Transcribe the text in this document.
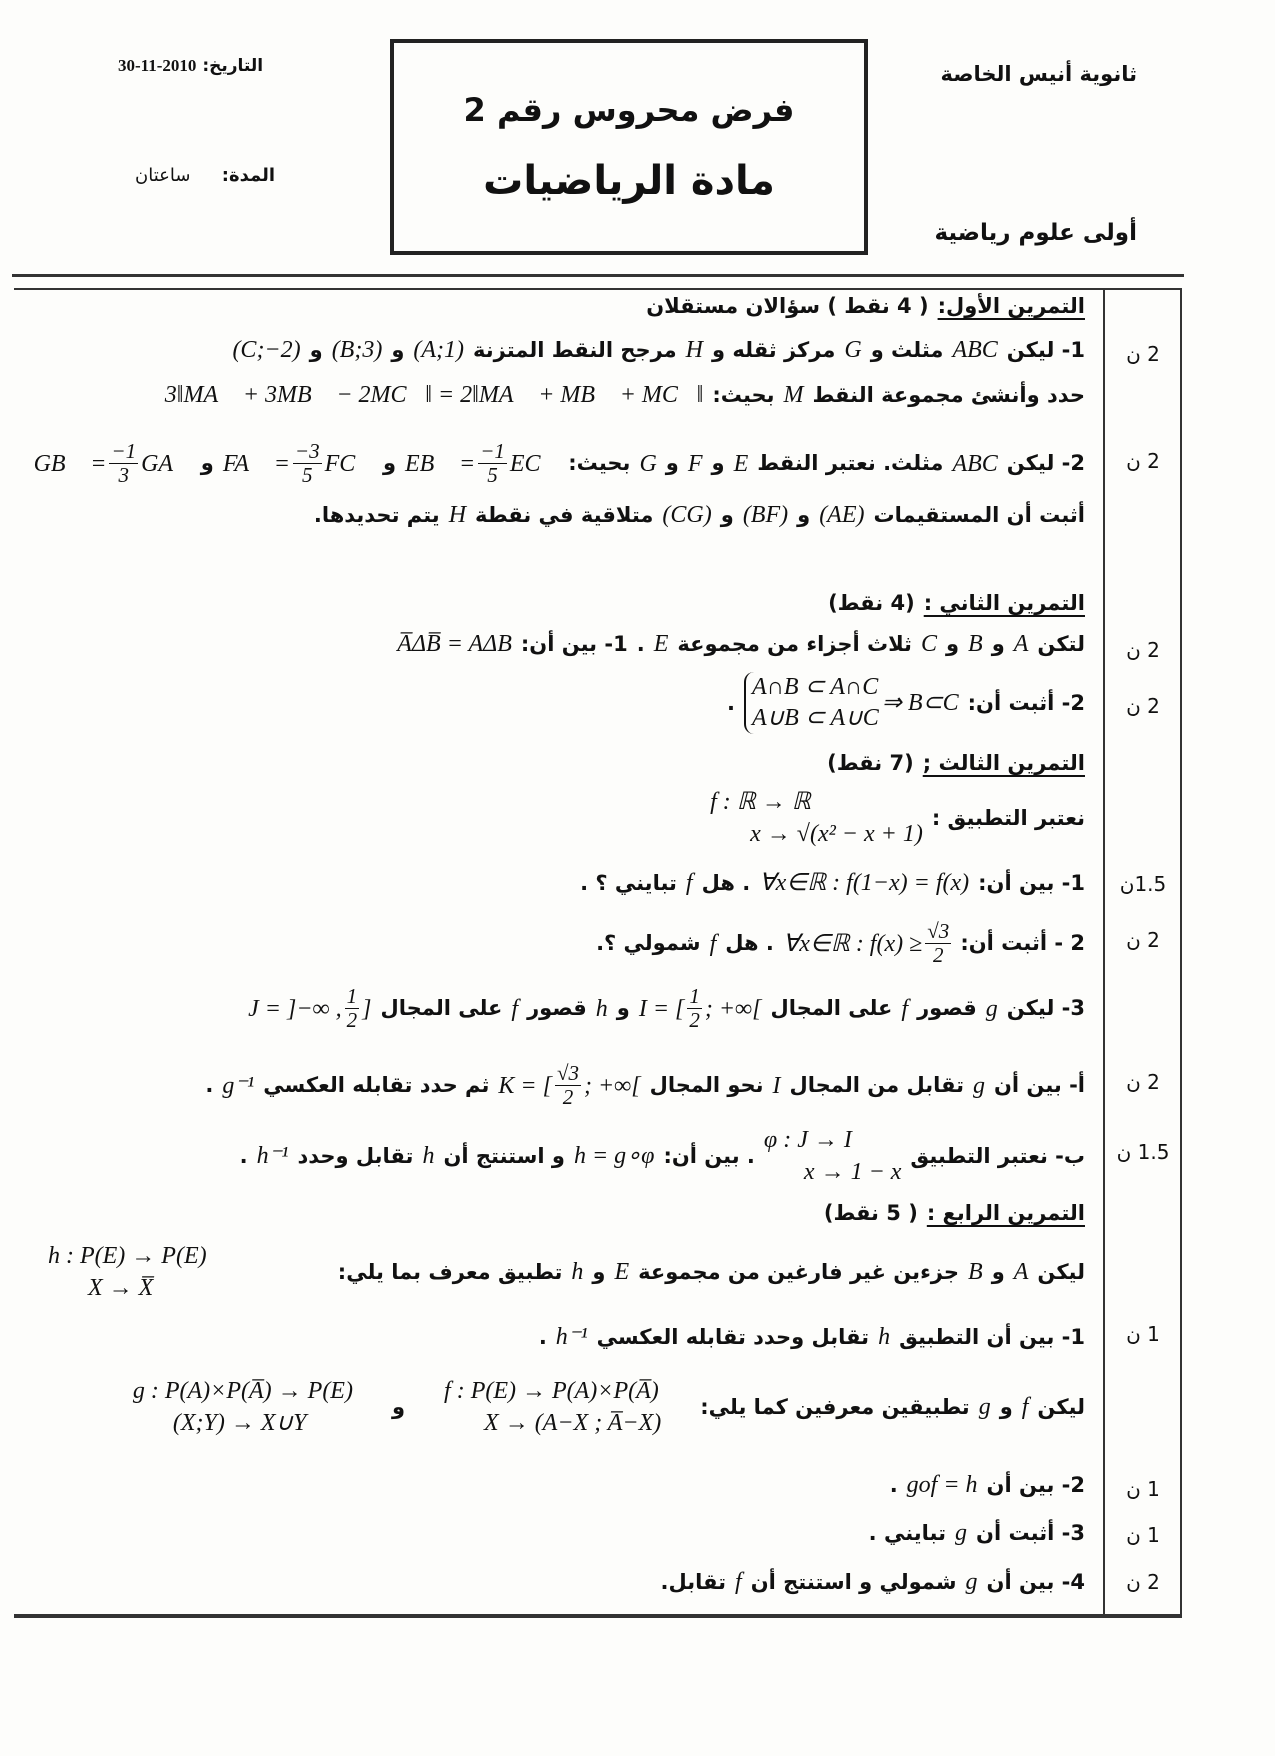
ثانوية أنيس الخاصة
أولى علوم رياضية
التاريخ: 2010-11-30
المدة:     ساعتان
فرض محروس رقم 2
مادة الرياضيات
التمرين الأول:
( 4 نقط ) سؤالان مستقلان
1- ليكن
ABC
مثلث و
G
مركز ثقله و
H
مرجح النقط المتزنة
(A;1)
و
(B;3)
و
(C;−2)
حدد وأنشئ مجموعة النقط
M
بحيث:
3‖MA⃗ + 3MB⃗ − 2MC⃗‖ = 2‖MA⃗ + MB⃗ + MC⃗‖
2- ليكن
ABC
مثلث. نعتبر النقط
E
و
F
و
G
بحيث:
EB⃗ = $\frac{-1}{5}$ EC⃗
و
FA⃗ = $\frac{-3}{5}$ FC⃗
و
GB⃗ = $\frac{-1}{3}$ GA⃗
أثبت أن المستقيمات
(AE)
و
(BF)
و
(CG)
متلاقية في نقطة
H
يتم تحديدها.
التمرين الثاني :
(4 نقط)
لتكن
A
و
B
و
C
ثلاث أجزاء من مجموعة
E
.
1- بين أن:
A̅ΔB̅ = AΔB
2- أثبت أن:
A∩B ⊂ A∩C
A∪B ⊂ A∪C
⇒ B⊂C
.
التمرين الثالث ;
(7 نقط)
نعتبر التطبيق :
f : ℝ → ℝ
x → √(x² − x + 1)
1- بين أن:
∀x∈ℝ : f(1−x) = f(x)
. هل
f
تبايني ؟ .
2 - أثبت أن:
∀x∈ℝ : $f(x) \ge \frac{√3}{2}$
. هل
f
شمولي ؟.
3- ليكن
g
قصور
f
على المجال
I = [ $\frac{1}{2}$ ; +∞[
و
h
قصور
f
على المجال
J = ]−∞ , $\frac{1}{2}$ ]
أ- بين أن
g
تقابل من المجال
I
نحو المجال
K = [ $\frac{√3}{2}$ ; +∞[
ثم حدد تقابله العكسي
g⁻¹
.
ب- نعتبر التطبيق
φ : J → I
x → 1 − x
. بين أن:
h = g∘φ
و استنتج أن
h
تقابل وحدد
h⁻¹
.
التمرين الرابع :
( 5 نقط)
ليكن
A
و
B
جزءين غير فارغين من مجموعة
E
و
h
تطبيق معرف بما يلي:
h : P(E) → P(E)
X → X̅
1- بين أن التطبيق
h
تقابل وحدد تقابله العكسي
h⁻¹
.
ليكن
f
و
g
تطبيقين معرفين كما يلي:
f : P(E) → P(A)×P(A̅)
X → (A−X ; A̅−X)
و
g : P(A)×P(A̅) → P(E)
(X;Y) → X∪Y
2- بين أن
gof = h
.
3- أثبت أن
g
تبايني .
4- بين أن
g
شمولي و استنتج أن
f
تقابل.
2 ن
2 ن
2 ن
2 ن
1.5ن
2 ن
2 ن
1.5 ن
1 ن
1 ن
1 ن
2 ن
